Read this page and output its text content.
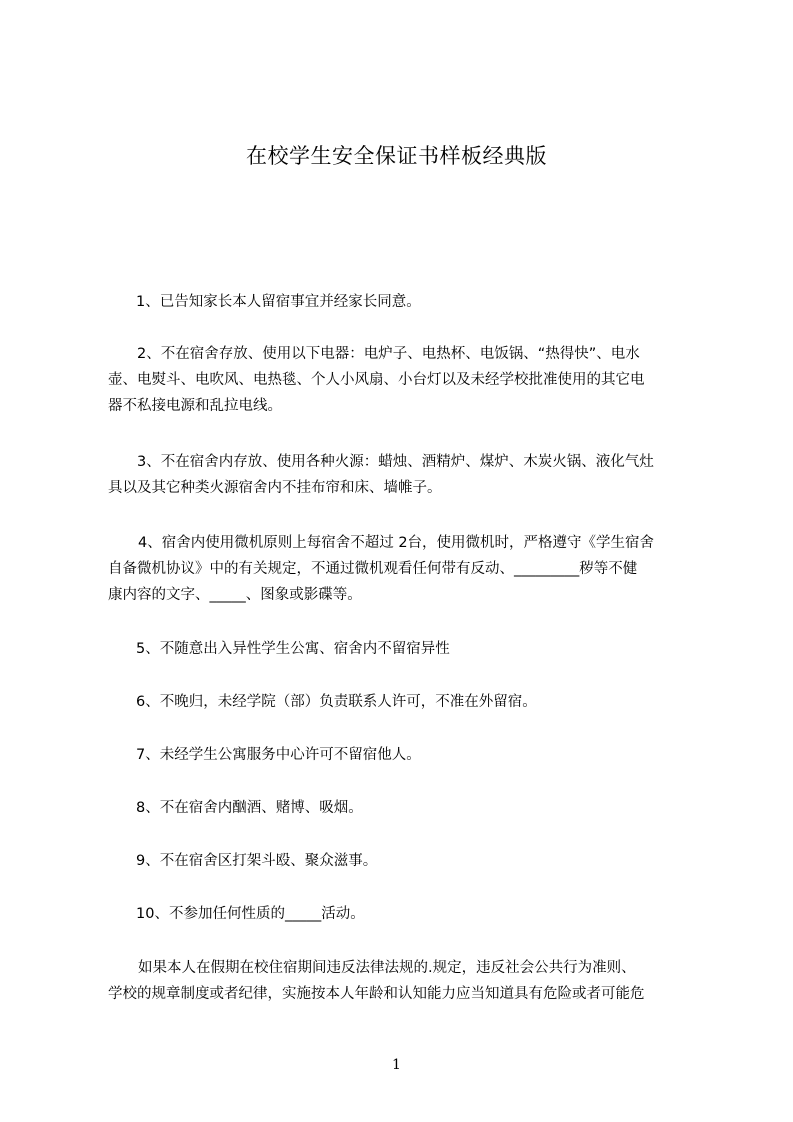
在校学生安全保证书样板经典版
1、已告知家长本人留宿事宜并经家长同意。
2、不在宿舍存放、使用以下电器：电炉子、电热杯、电饭锅、“热得快”、电水
壶、电熨斗、电吹风、电热毯、个人小风扇、小台灯以及未经学校批准使用的其它电
器不私接电源和乱拉电线。
3、不在宿舍内存放、使用各种火源：蜡烛、酒精炉、煤炉、木炭火锅、液化气灶
具以及其它种类火源宿舍内不挂布帘和床、墙帷子。
4、宿舍内使用微机原则上每宿舍不超过 2台，使用微机时，严格遵守《学生宿舍
自备微机协议》中的有关规定，不通过微机观看任何带有反动、_________秽等不健
康内容的文字、_____、图象或影碟等。
5、不随意出入异性学生公寓、宿舍内不留宿异性
6、不晚归，未经学院（部）负责联系人许可，不准在外留宿。
7、未经学生公寓服务中心许可不留宿他人。
8、不在宿舍内酗酒、赌博、吸烟。
9、不在宿舍区打架斗殴、聚众滋事。
10、不参加任何性质的_____活动。
如果本人在假期在校住宿期间违反法律法规的.规定，违反社会公共行为准则、
学校的规章制度或者纪律，实施按本人年龄和认知能力应当知道具有危险或者可能危
1
